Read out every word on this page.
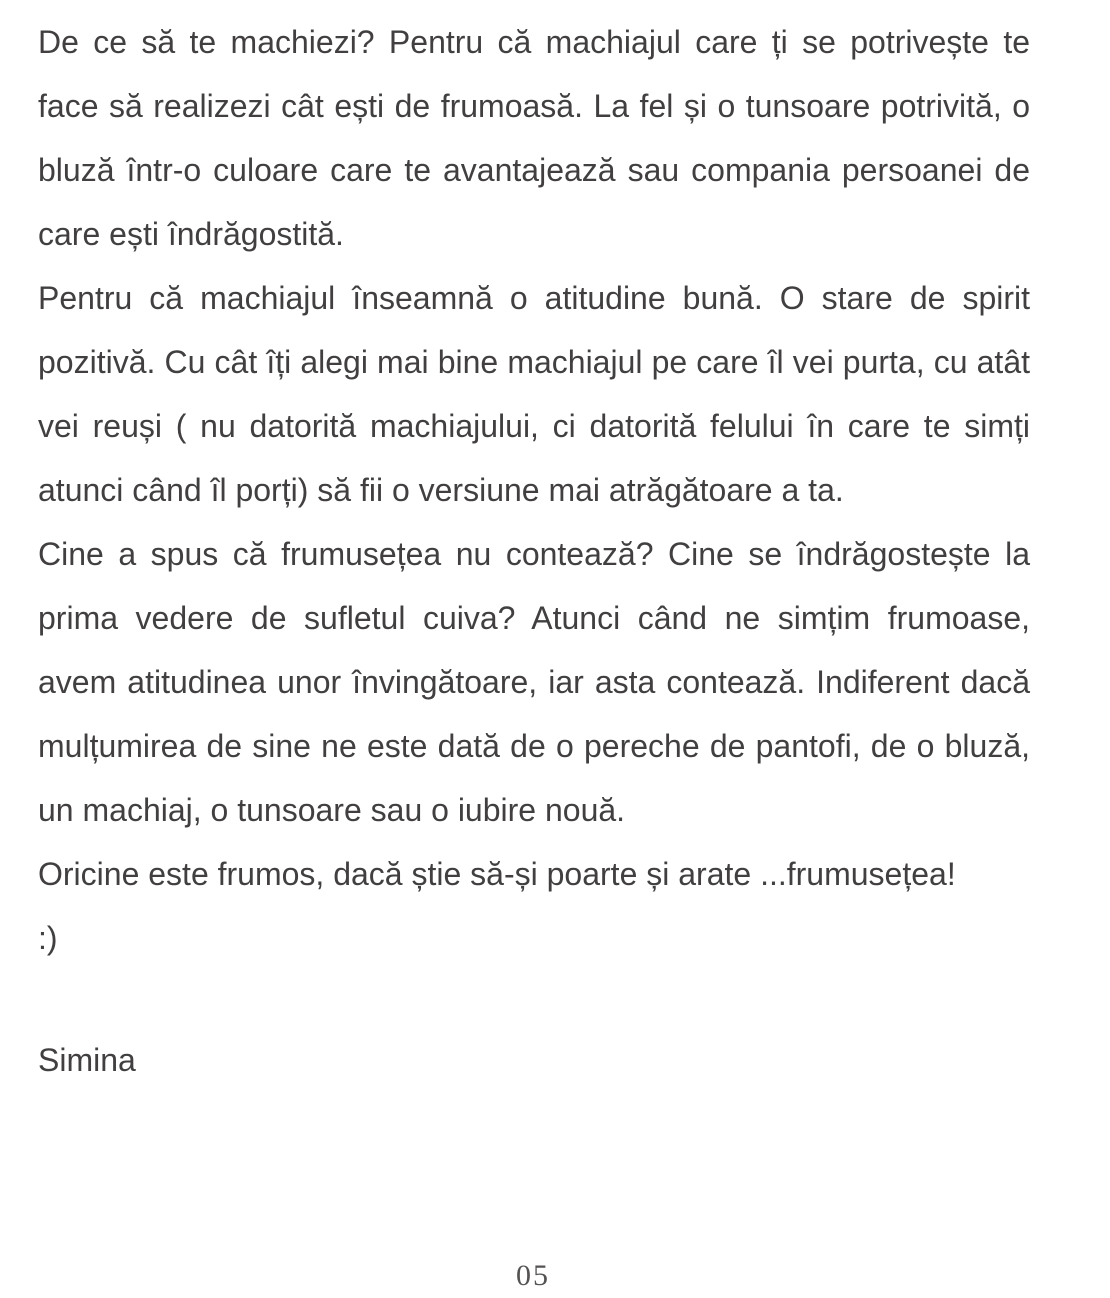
De ce să te machiezi? Pentru că machiajul care ți se potrivește te face să realizezi cât ești de frumoasă. La fel și o tunsoare potrivită, o bluză într-o culoare care te avantajează sau compania persoanei de care ești îndrăgostită.

Pentru că machiajul înseamnă o atitudine bună. O stare de spirit pozitivă. Cu cât îți alegi mai bine machiajul pe care îl vei purta, cu atât vei reuși ( nu datorită machiajului, ci datorită felului în care te simți atunci când îl porți) să fii o versiune mai atrăgătoare a ta.

Cine a spus că frumusețea nu contează? Cine se îndrăgostește la prima vedere de sufletul cuiva? Atunci când ne simțim frumoase, avem atitudinea unor învingătoare, iar asta contează. Indiferent dacă mulțumirea de sine ne este dată de o pereche de pantofi, de o bluză, un machiaj, o tunsoare sau o iubire nouă.

Oricine este frumos, dacă știe să-și poarte și arate ...frumusețea!

:)

Simina

05
